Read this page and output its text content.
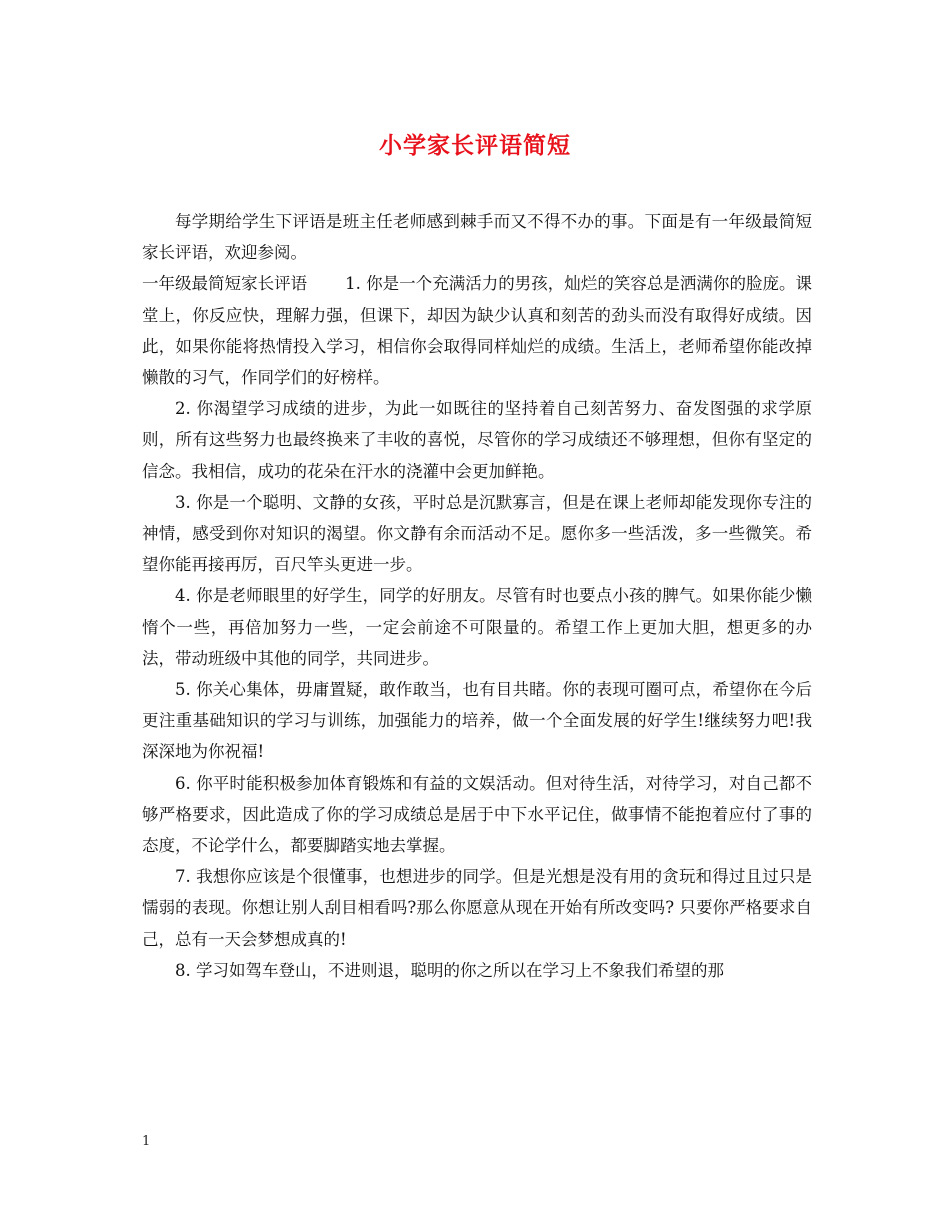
小学家长评语简短

每学期给学生下评语是班主任老师感到棘手而又不得不办的事。下面是有一年级最简短家长评语，欢迎参阅。

一年级最简短家长评语 1. 你是一个充满活力的男孩，灿烂的笑容总是洒满你的脸庞。课堂上，你反应快，理解力强，但课下，却因为缺少认真和刻苦的劲头而没有取得好成绩。因此，如果你能将热情投入学习，相信你会取得同样灿烂的成绩。生活上，老师希望你能改掉懒散的习气，作同学们的好榜样。

2. 你渴望学习成绩的进步，为此一如既往的坚持着自己刻苦努力、奋发图强的求学原则，所有这些努力也最终换来了丰收的喜悦，尽管你的学习成绩还不够理想，但你有坚定的信念。我相信，成功的花朵在汗水的浇灌中会更加鲜艳。

3. 你是一个聪明、文静的女孩，平时总是沉默寡言，但是在课上老师却能发现你专注的神情，感受到你对知识的渴望。你文静有余而活动不足。愿你多一些活泼，多一些微笑。希望你能再接再厉，百尺竿头更进一步。

4. 你是老师眼里的好学生，同学的好朋友。尽管有时也要点小孩的脾气。如果你能少懒惰个一些，再倍加努力一些，一定会前途不可限量的。希望工作上更加大胆，想更多的办法，带动班级中其他的同学，共同进步。

5. 你关心集体，毋庸置疑，敢作敢当，也有目共睹。你的表现可圈可点，希望你在今后更注重基础知识的学习与训练，加强能力的培养，做一个全面发展的好学生!继续努力吧!我深深地为你祝福!

6. 你平时能积极参加体育锻炼和有益的文娱活动。但对待生活，对待学习，对自己都不够严格要求，因此造成了你的学习成绩总是居于中下水平记住，做事情不能抱着应付了事的态度，不论学什么，都要脚踏实地去掌握。

7. 我想你应该是个很懂事，也想进步的同学。但是光想是没有用的贪玩和得过且过只是懦弱的表现。你想让别人刮目相看吗?那么你愿意从现在开始有所改变吗? 只要你严格要求自己，总有一天会梦想成真的!

8. 学习如驾车登山，不进则退，聪明的你之所以在学习上不象我们希望的那

1
